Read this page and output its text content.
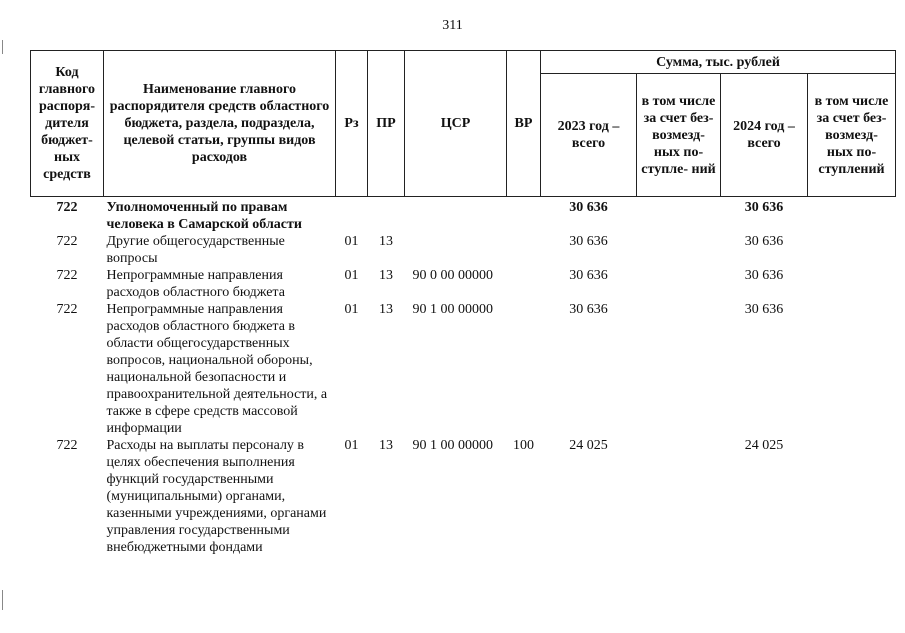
311
Код главного распоря- дителя бюджет- ных средств	Наименование главного распорядителя средств областного бюджета, раздела, подраздела, целевой статьи, группы видов расходов	Рз	ПР	ЦСР	ВР	Сумма, тыс. рублей			
						2023 год – всего	в том числе за счет без- возмезд- ных по- ступле- ний	2024 год – всего	в том числе за счет без- возмезд- ных по- ступлений
722	Уполномоченный по правам человека в Самарской области					30 636		30 636	
722	Другие общегосударственные вопросы	01	13			30 636		30 636	
722	Непрограммные направления расходов областного бюджета	01	13	90 0 00 00000		30 636		30 636	
722	Непрограммные направления расходов областного бюджета в области общегосударственных вопросов, национальной обороны, национальной безопасности и правоохранительной деятельности, а также в сфере средств массовой информации	01	13	90 1 00 00000		30 636		30 636	
722	Расходы на выплаты персоналу в целях обеспечения выполнения функций государственными (муниципальными) органами, казенными учреждениями, органами управления государственными внебюджетными фондами	01	13	90 1 00 00000	100	24 025		24 025	
